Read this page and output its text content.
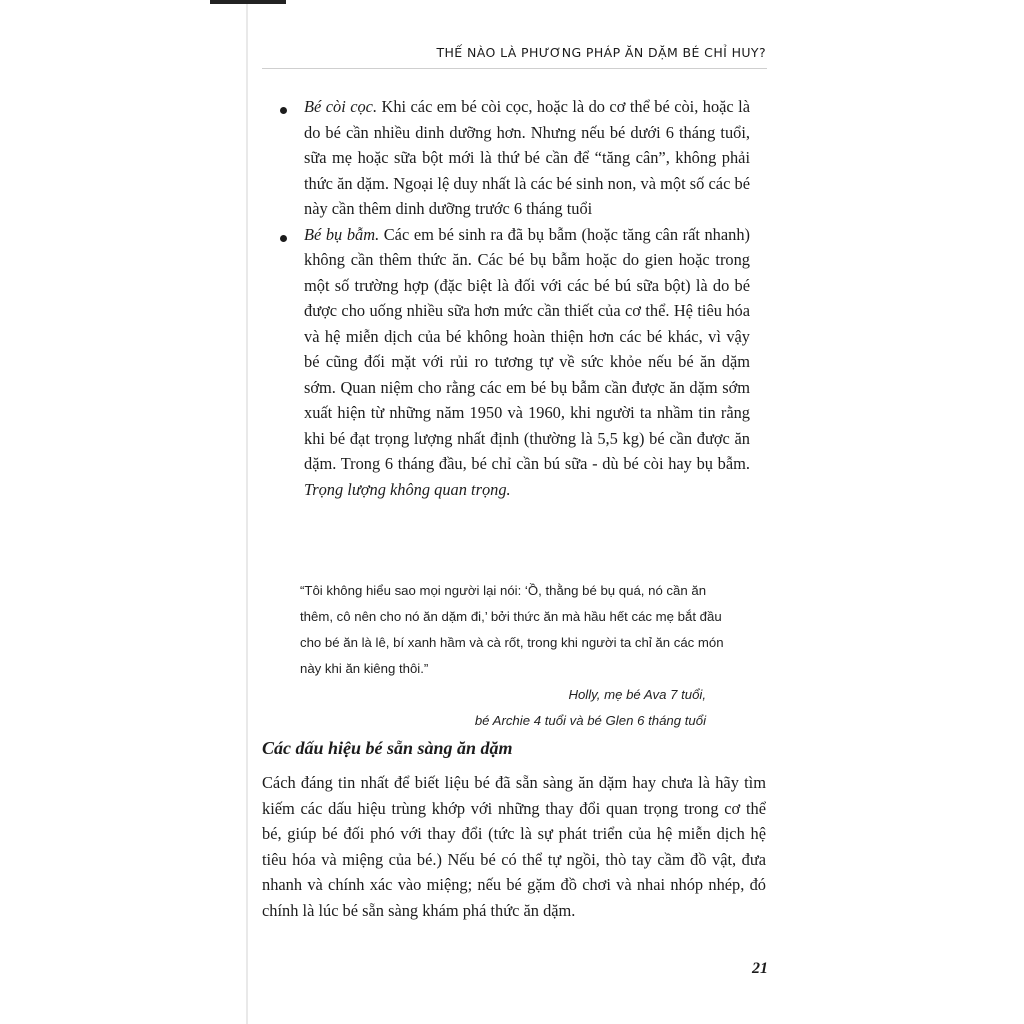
THẾ NÀO LÀ PHƯƠNG PHÁP ĂN DẶM BÉ CHỈ HUY?

Bé còi cọc. Khi các em bé còi cọc, hoặc là do cơ thể bé còi, hoặc là do bé cần nhiều dinh dưỡng hơn. Nhưng nếu bé dưới 6 tháng tuổi, sữa mẹ hoặc sữa bột mới là thứ bé cần để “tăng cân”, không phải thức ăn dặm. Ngoại lệ duy nhất là các bé sinh non, và một số các bé này cần thêm dinh dưỡng trước 6 tháng tuổi

Bé bụ bẫm. Các em bé sinh ra đã bụ bẫm (hoặc tăng cân rất nhanh) không cần thêm thức ăn. Các bé bụ bẫm hoặc do gien hoặc trong một số trường hợp (đặc biệt là đối với các bé bú sữa bột) là do bé được cho uống nhiều sữa hơn mức cần thiết của cơ thể. Hệ tiêu hóa và hệ miễn dịch của bé không hoàn thiện hơn các bé khác, vì vậy bé cũng đối mặt với rủi ro tương tự về sức khỏe nếu bé ăn dặm sớm. Quan niệm cho rằng các em bé bụ bẫm cần được ăn dặm sớm xuất hiện từ những năm 1950 và 1960, khi người ta nhầm tin rằng khi bé đạt trọng lượng nhất định (thường là 5,5 kg) bé cần được ăn dặm. Trong 6 tháng đầu, bé chỉ cần bú sữa - dù bé còi hay bụ bẫm. Trọng lượng không quan trọng.

“Tôi không hiểu sao mọi người lại nói: ‘Ồ, thằng bé bụ quá, nó cần ăn thêm, cô nên cho nó ăn dặm đi,’ bởi thức ăn mà hầu hết các mẹ bắt đầu cho bé ăn là lê, bí xanh hầm và cà rốt, trong khi người ta chỉ ăn các món này khi ăn kiêng thôi.”

Holly, mẹ bé Ava 7 tuổi,

bé Archie 4 tuổi và bé Glen 6 tháng tuổi

Các dấu hiệu bé sẵn sàng ăn dặm

Cách đáng tin nhất để biết liệu bé đã sẵn sàng ăn dặm hay chưa là hãy tìm kiếm các dấu hiệu trùng khớp với những thay đổi quan trọng trong cơ thể bé, giúp bé đối phó với thay đổi (tức là sự phát triển của hệ miễn dịch hệ tiêu hóa và miệng của bé.) Nếu bé có thể tự ngồi, thò tay cầm đồ vật, đưa nhanh và chính xác vào miệng; nếu bé gặm đồ chơi và nhai nhóp nhép, đó chính là lúc bé sẵn sàng khám phá thức ăn dặm.

21
